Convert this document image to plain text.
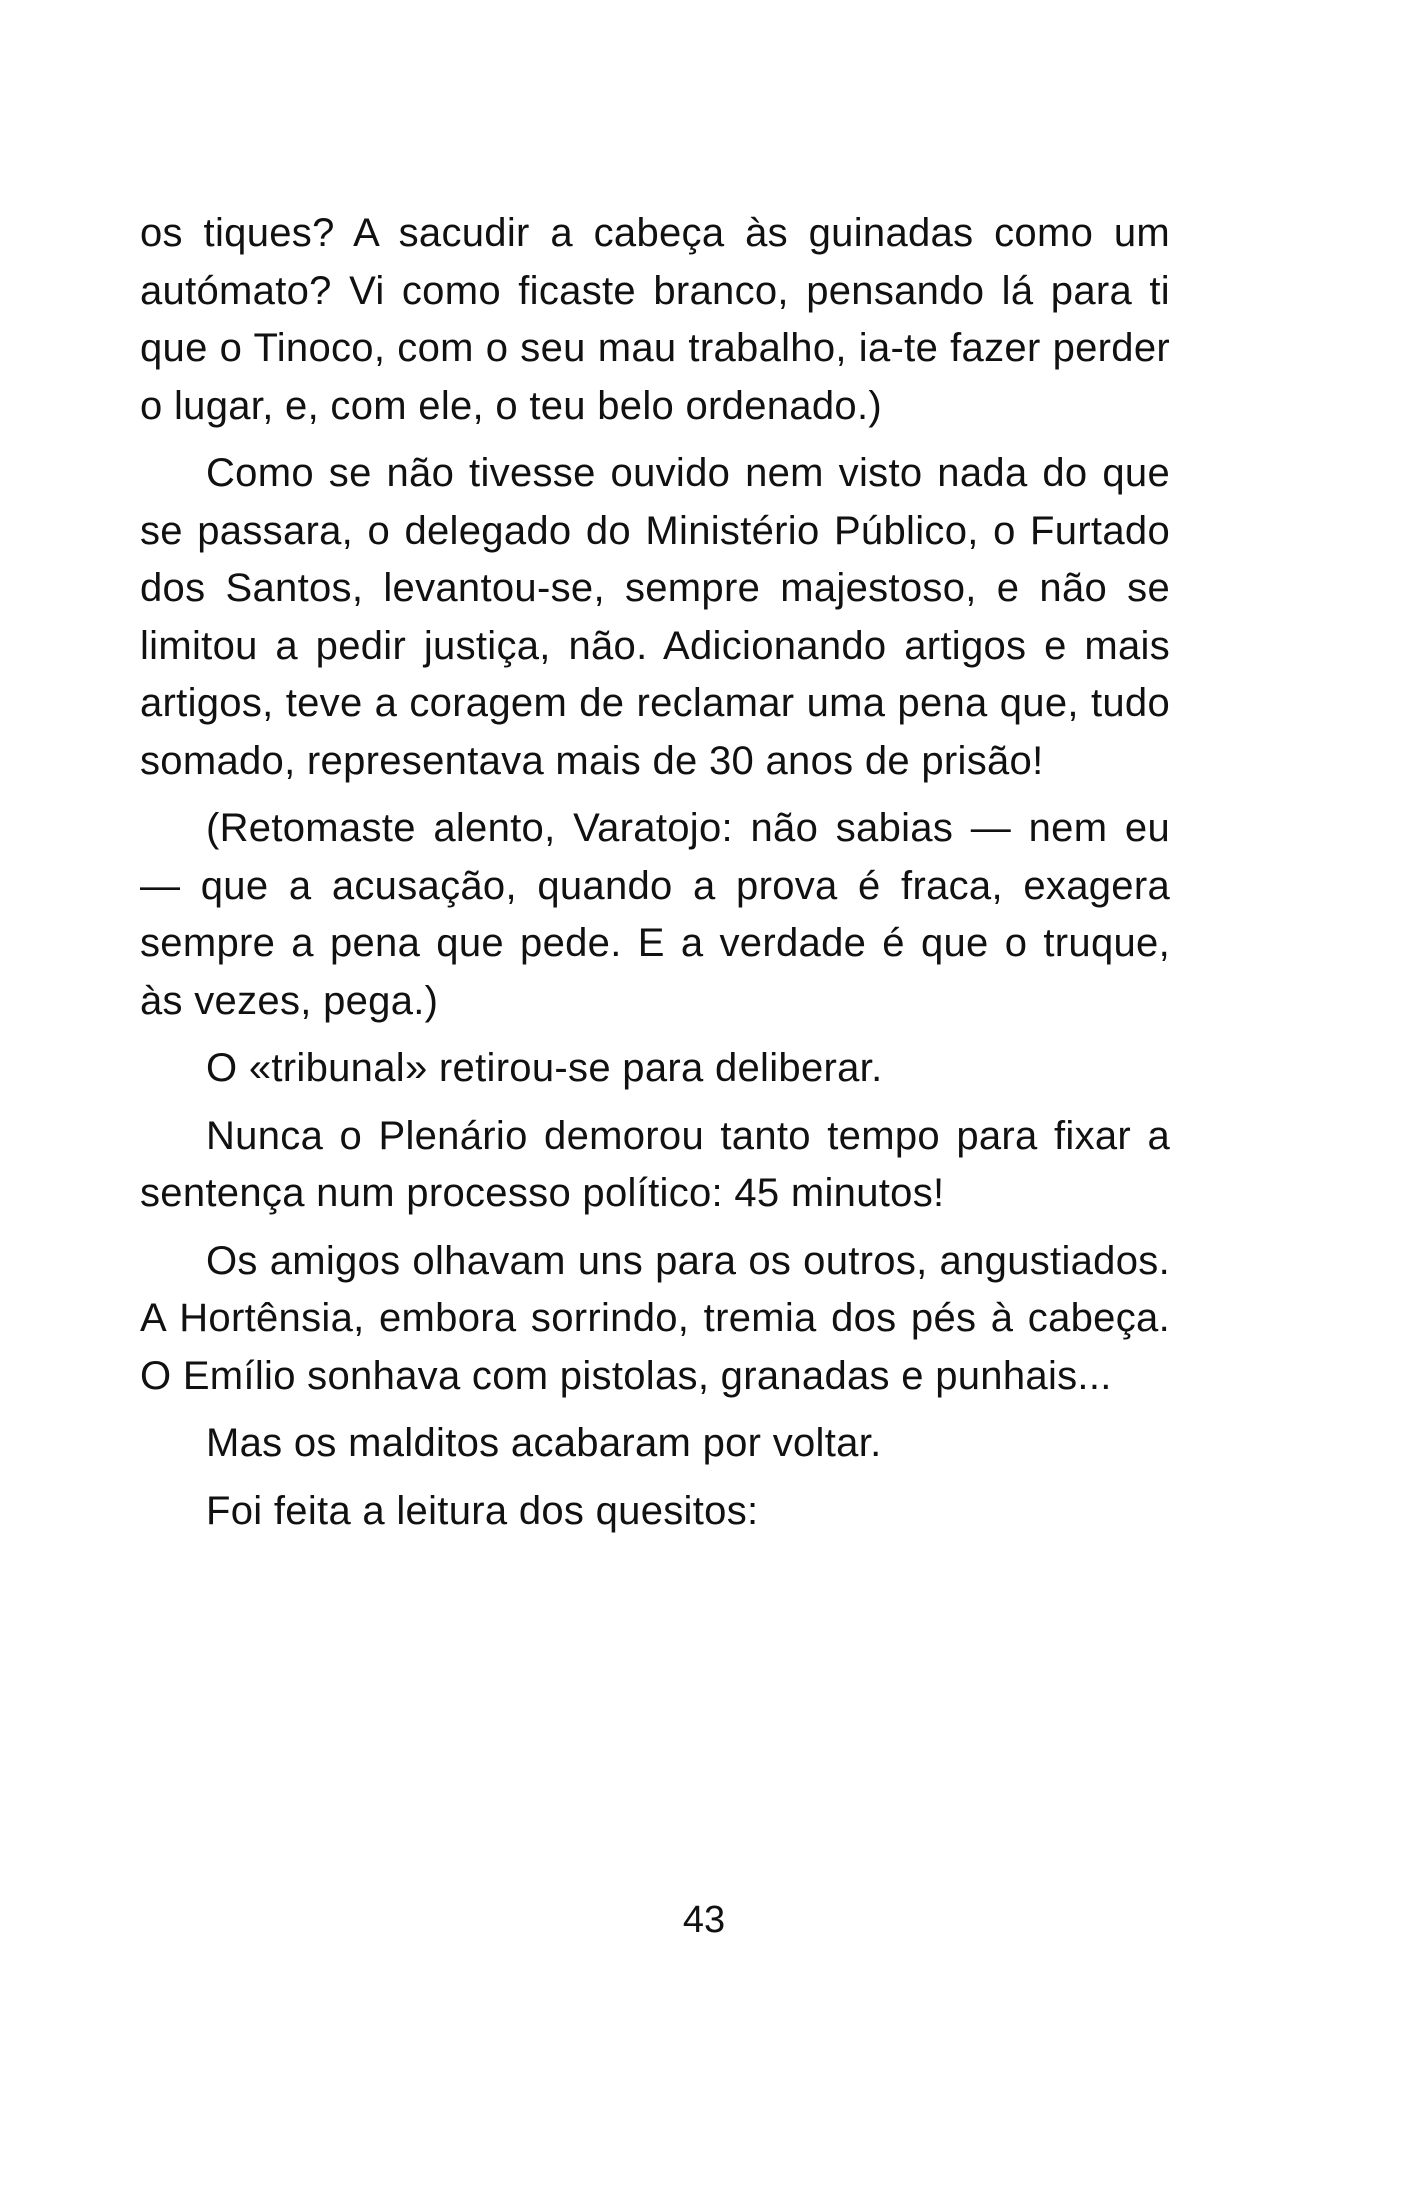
os tiques? A sacudir a cabeça às guinadas como um autómato? Vi como ficaste branco, pensando lá para ti que o Tinoco, com o seu mau trabalho, ia-te fazer perder o lugar, e, com ele, o teu belo ordenado.)

Como se não tivesse ouvido nem visto nada do que se passara, o delegado do Ministério Público, o Furtado dos Santos, levantou-se, sempre majestoso, e não se limitou a pedir justiça, não. Adicionando artigos e mais artigos, teve a coragem de reclamar uma pena que, tudo somado, representava mais de 30 anos de prisão!

(Retomaste alento, Varatojo: não sabias — nem eu — que a acusação, quando a prova é fraca, exagera sempre a pena que pede. E a verdade é que o truque, às vezes, pega.)

O «tribunal» retirou-se para deliberar.

Nunca o Plenário demorou tanto tempo para fixar a sentença num processo político: 45 minutos!

Os amigos olhavam uns para os outros, angustiados. A Hortênsia, embora sorrindo, tremia dos pés à cabeça. O Emílio sonhava com pistolas, granadas e punhais...

Mas os malditos acabaram por voltar.

Foi feita a leitura dos quesitos:

43
